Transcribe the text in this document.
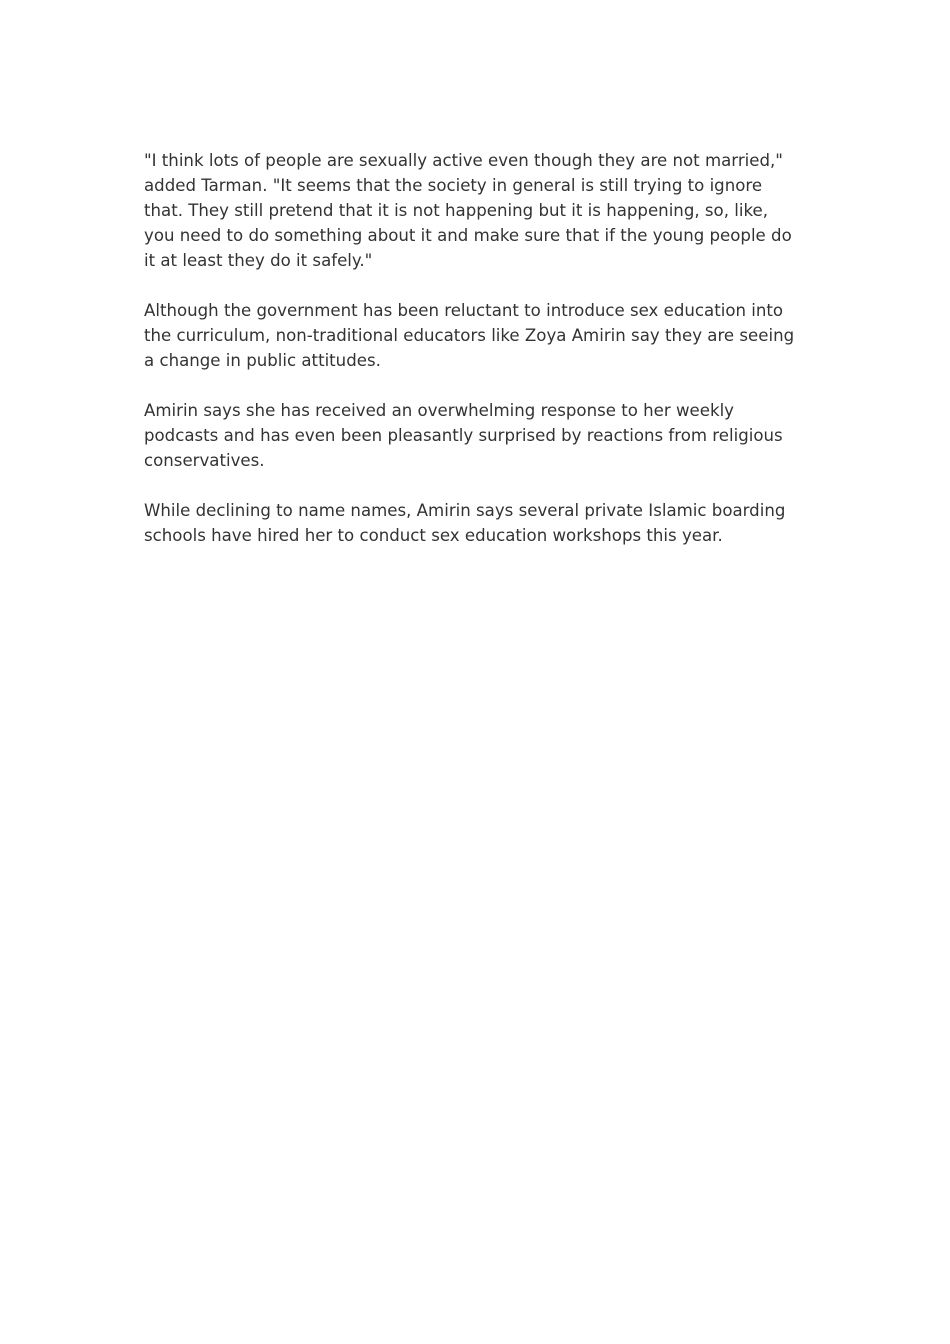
"I think lots of people are sexually active even though they are not married,"
added Tarman. "It seems that the society in general is still trying to ignore
that. They still pretend that it is not happening but it is happening, so, like,
you need to do something about it and make sure that if the young people do
it at least they do it safely."

Although the government has been reluctant to introduce sex education into
the curriculum, non-traditional educators like Zoya Amirin say they are seeing
a change in public attitudes.

Amirin says she has received an overwhelming response to her weekly
podcasts and has even been pleasantly surprised by reactions from religious
conservatives.

While declining to name names, Amirin says several private Islamic boarding
schools have hired her to conduct sex education workshops this year.
